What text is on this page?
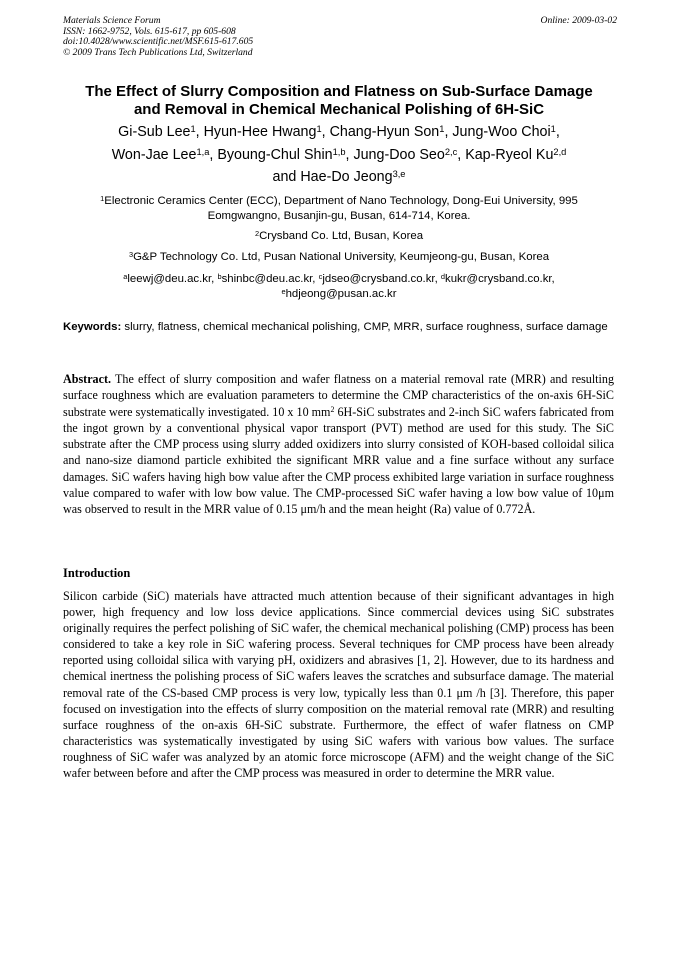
Materials Science Forum
ISSN: 1662-9752, Vols. 615-617, pp 605-608
doi:10.4028/www.scientific.net/MSF.615-617.605
© 2009 Trans Tech Publications Ltd, Switzerland
Online: 2009-03-02
The Effect of Slurry Composition and Flatness on Sub-Surface Damage
and Removal in Chemical Mechanical Polishing of 6H-SiC
Gi-Sub Lee$^1$, Hyun-Hee Hwang$^1$, Chang-Hyun Son$^1$, Jung-Woo Choi$^1$,
Won-Jae Lee$^{1,a}$, Byoung-Chul Shin$^{1,b}$, Jung-Doo Seo$^{2,c}$, Kap-Ryeol Ku$^{2,d}$
and Hae-Do Jeong$^{3,e}$
$^1$Electronic Ceramics Center (ECC), Department of Nano Technology, Dong-Eui University, 995
Eomgwangno, Busanjin-gu, Busan, 614-714, Korea.
$^2$Crysband Co. Ltd, Busan, Korea
$^3$G&P Technology Co. Ltd, Pusan National University, Keumjeong-gu, Busan, Korea
$^a$leewj@deu.ac.kr, $^b$shinbc@deu.ac.kr, $^c$jdseo@crysband.co.kr, $^d$kukr@crysband.co.kr,
$^e$hdjeong@pusan.ac.kr
Keywords: slurry, flatness, chemical mechanical polishing, CMP, MRR, surface roughness, surface damage
Abstract. The effect of slurry composition and wafer flatness on a material removal rate (MRR) and resulting surface roughness which are evaluation parameters to determine the CMP characteristics of the on-axis 6H-SiC substrate were systematically investigated. 10 x 10 $mm^2$ 6H-SiC substrates and 2-inch SiC wafers fabricated from the ingot grown by a conventional physical vapor transport (PVT) method are used for this study. The SiC substrate after the CMP process using slurry added oxidizers into slurry consisted of KOH-based colloidal silica and nano-size diamond particle exhibited the significant MRR value and a fine surface without any surface damages. SiC wafers having high bow value after the CMP process exhibited large variation in surface roughness value compared to wafer with low bow value. The CMP-processed SiC wafer having a low bow value of 10μm was observed to result in the MRR value of 0.15 μm/h and the mean height (Ra) value of 0.772Å.
Introduction
Silicon carbide (SiC) materials have attracted much attention because of their significant advantages in high power, high frequency and low loss device applications. Since commercial devices using SiC substrates originally requires the perfect polishing of SiC wafer, the chemical mechanical polishing (CMP) process has been considered to take a key role in SiC wafering process. Several techniques for CMP process have been already reported using colloidal silica with varying pH, oxidizers and abrasives [1, 2]. However, due to its hardness and chemical inertness the polishing process of SiC wafers leaves the scratches and subsurface damage. The material removal rate of the CS-based CMP process is very low, typically less than 0.1 μm /h [3]. Therefore, this paper focused on investigation into the effects of slurry composition on the material removal rate (MRR) and resulting surface roughness of the on-axis 6H-SiC substrate. Furthermore, the effect of wafer flatness on CMP characteristics was systematically investigated by using SiC wafers with various bow values. The surface roughness of SiC wafer was analyzed by an atomic force microscope (AFM) and the weight change of the SiC wafer between before and after the CMP process was measured in order to determine the MRR value.
